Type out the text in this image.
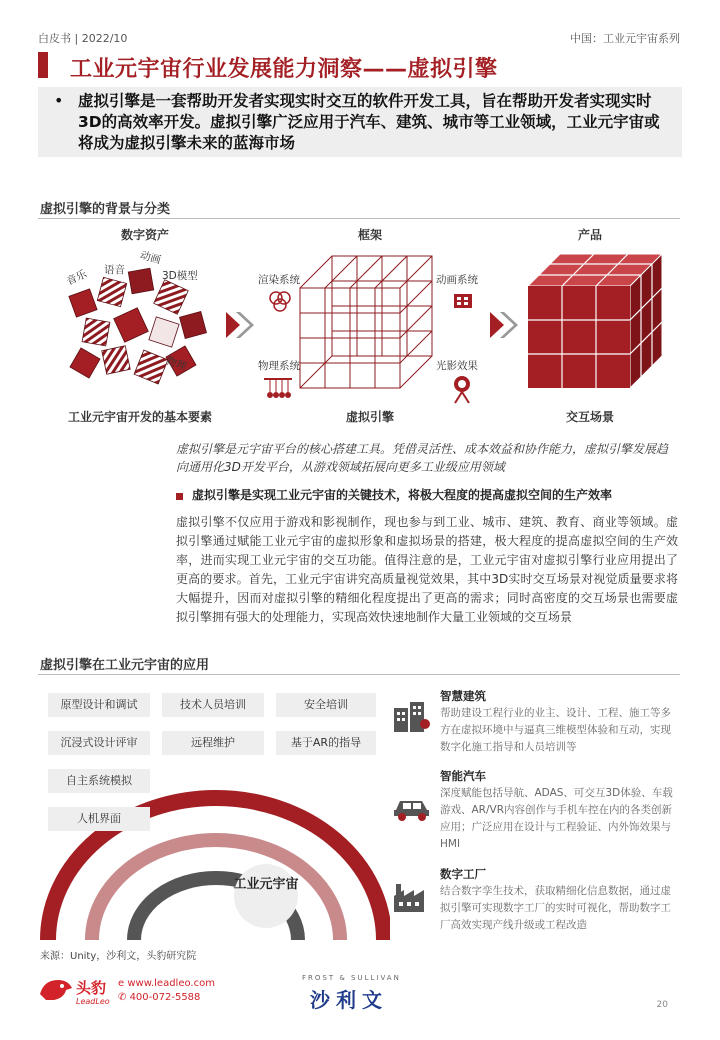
白皮书 | 2022/10	中国：工业元宇宙系列
工业元宇宙行业发展能力洞察——虚拟引擎
• 虚拟引擎是一套帮助开发者实现实时交互的软件开发工具，旨在帮助开发者实现实时3D的高效率开发。虚拟引擎广泛应用于汽车、建筑、城市等工业领域，工业元宇宙或将成为虚拟引擎未来的蓝海市场
虚拟引擎的背景与分类
数字资产	框架	产品
音乐 语音
动画
3D模型
物理
渲染系统	动画系统
物理系统	光影效果
工业元宇宙开发的基本要素	虚拟引擎	交互场景
虚拟引擎是元宇宙平台的核心搭建工具。凭借灵活性、成本效益和协作能力，虚拟引擎发展趋向通用化3D开发平台，从游戏领域拓展向更多工业级应用领域
虚拟引擎是实现工业元宇宙的关键技术，将极大程度的提高虚拟空间的生产效率
虚拟引擎不仅应用于游戏和影视制作，现也参与到工业、城市、建筑、教育、商业等领域。虚拟引擎通过赋能工业元宇宙的虚拟形象和虚拟场景的搭建，极大程度的提高虚拟空间的生产效率，进而实现工业元宇宙的交互功能。值得注意的是，工业元宇宙对虚拟引擎行业应用提出了更高的要求。首先，工业元宇宙讲究高质量视觉效果，其中3D实时交互场景对视觉质量要求将大幅提升，因而对虚拟引擎的精细化程度提出了更高的需求；同时高密度的交互场景也需要虚拟引擎拥有强大的处理能力，实现高效快速地制作大量工业领域的交互场景
虚拟引擎在工业元宇宙的应用
工业元宇宙
原型设计和调试	技术人员培训	安全培训
沉浸式设计评审	远程维护	基于AR的指导
自主系统模拟
人机界面
智慧建筑
帮助建设工程行业的业主、设计、工程、施工等多方在虚拟环境中与逼真三维模型体验和互动，实现数字化施工指导和人员培训等
智能汽车
深度赋能包括导航、ADAS、可交互3D体验、车载游戏、AR/VR内容创作与手机车控在内的各类创新应用；广泛应用在设计与工程验证、内外饰效果与HMI
数字工厂
结合数字孪生技术，获取精细化信息数据，通过虚拟引擎可实现数字工厂的实时可视化，帮助数字工厂高效实现产线升级或工程改造
来源：Unity，沙利文，头豹研究院
头豹
LeadLeo
e www.leadleo.com
✆ 400-072-5588
FROST & SULLIVAN
沙利文	20
